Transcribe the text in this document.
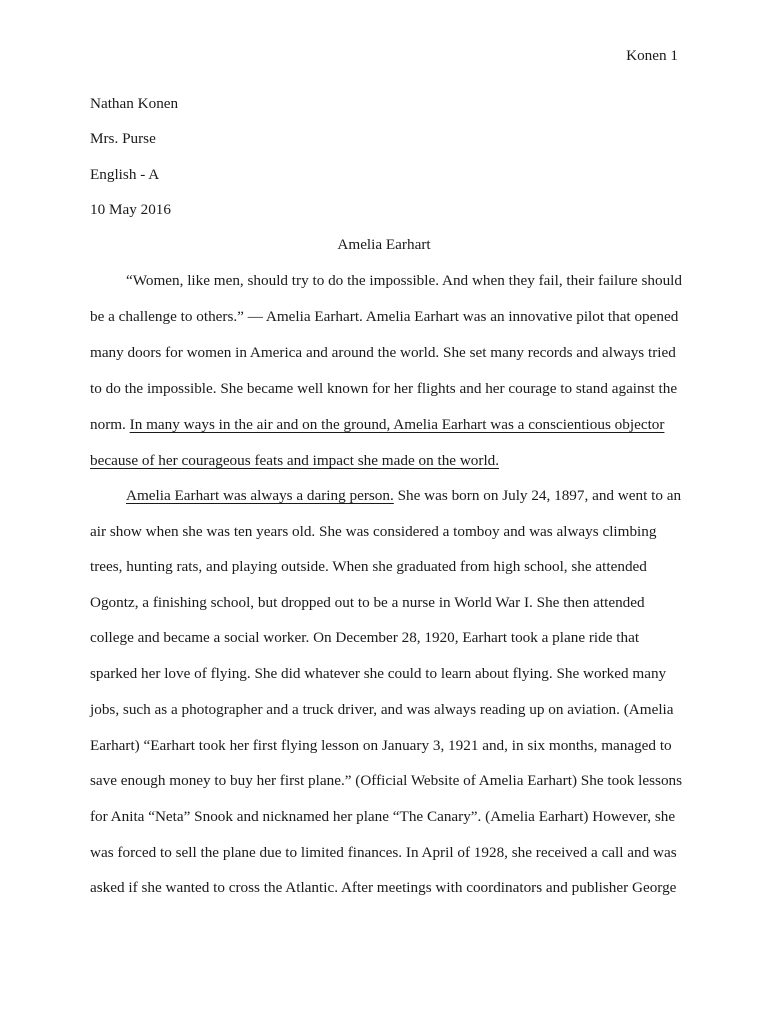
Konen 1
Nathan Konen
Mrs. Purse
English - A
10 May 2016
Amelia Earhart
“Women, like men, should try to do the impossible. And when they fail, their failure should
be a challenge to others.” — Amelia Earhart. Amelia Earhart was an innovative pilot that opened
many doors for women in America and around the world. She set many records and always tried
to do the impossible. She became well known for her flights and her courage to stand against the
norm. In many ways in the air and on the ground, Amelia Earhart was a conscientious objector
because of her courageous feats and impact she made on the world.
Amelia Earhart was always a daring person. She was born on July 24, 1897, and went to an
air show when she was ten years old. She was considered a tomboy and was always climbing
trees, hunting rats, and playing outside. When she graduated from high school, she attended
Ogontz, a finishing school, but dropped out to be a nurse in World War I. She then attended
college and became a social worker. On December 28, 1920, Earhart took a plane ride that
sparked her love of flying. She did whatever she could to learn about flying. She worked many
jobs, such as a photographer and a truck driver, and was always reading up on aviation. (Amelia
Earhart) “Earhart took her first flying lesson on January 3, 1921 and, in six months, managed to
save enough money to buy her first plane.” (Official Website of Amelia Earhart) She took lessons
for Anita “Neta” Snook and nicknamed her plane “The Canary”. (Amelia Earhart) However, she
was forced to sell the plane due to limited finances. In April of 1928, she received a call and was
asked if she wanted to cross the Atlantic. After meetings with coordinators and publisher George
